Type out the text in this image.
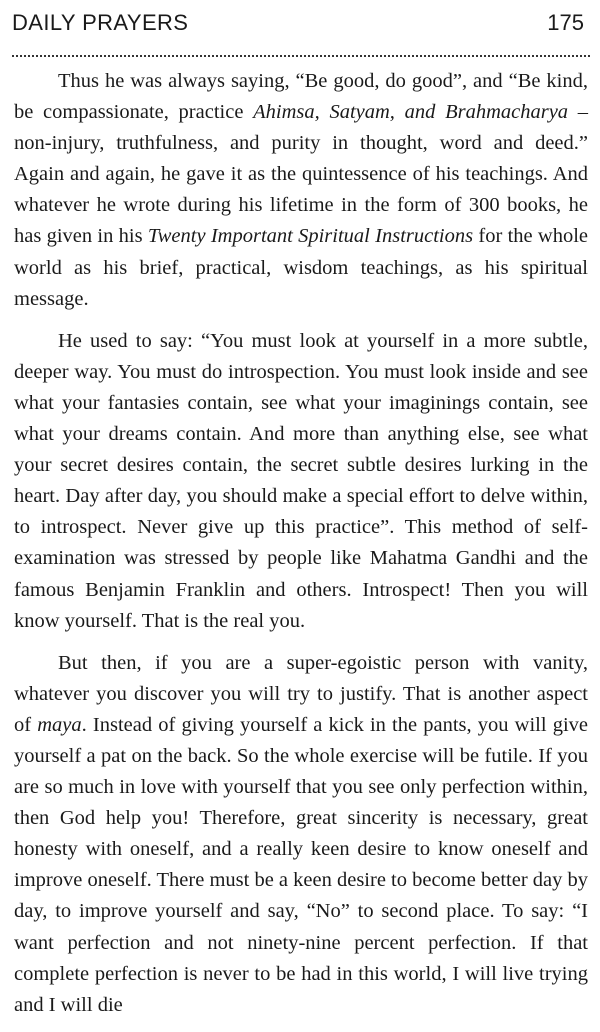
DAILY PRAYERS	175

Thus he was always saying, “Be good, do good”, and “Be kind, be compassionate, practice Ahimsa, Satyam, and Brahmacharya – non-injury, truthfulness, and purity in thought, word and deed.” Again and again, he gave it as the quintessence of his teachings. And whatever he wrote during his lifetime in the form of 300 books, he has given in his Twenty Important Spiritual Instructions for the whole world as his brief, practical, wisdom teachings, as his spiritual message.

He used to say: “You must look at yourself in a more subtle, deeper way. You must do introspection. You must look inside and see what your fantasies contain, see what your imaginings contain, see what your dreams contain. And more than anything else, see what your secret desires contain, the secret subtle desires lurking in the heart. Day after day, you should make a special effort to delve within, to introspect. Never give up this practice”. This method of self-examination was stressed by people like Mahatma Gandhi and the famous Benjamin Franklin and others. Introspect! Then you will know yourself. That is the real you.

But then, if you are a super-egoistic person with vanity, whatever you discover you will try to justify. That is another aspect of maya. Instead of giving yourself a kick in the pants, you will give yourself a pat on the back. So the whole exercise will be futile. If you are so much in love with yourself that you see only perfection within, then God help you! Therefore, great sincerity is necessary, great honesty with oneself, and a really keen desire to know oneself and improve oneself. There must be a keen desire to become better day by day, to improve yourself and say, “No” to second place. To say: “I want perfection and not ninety-nine percent perfection. If that complete perfection is never to be had in this world, I will live trying and I will die
